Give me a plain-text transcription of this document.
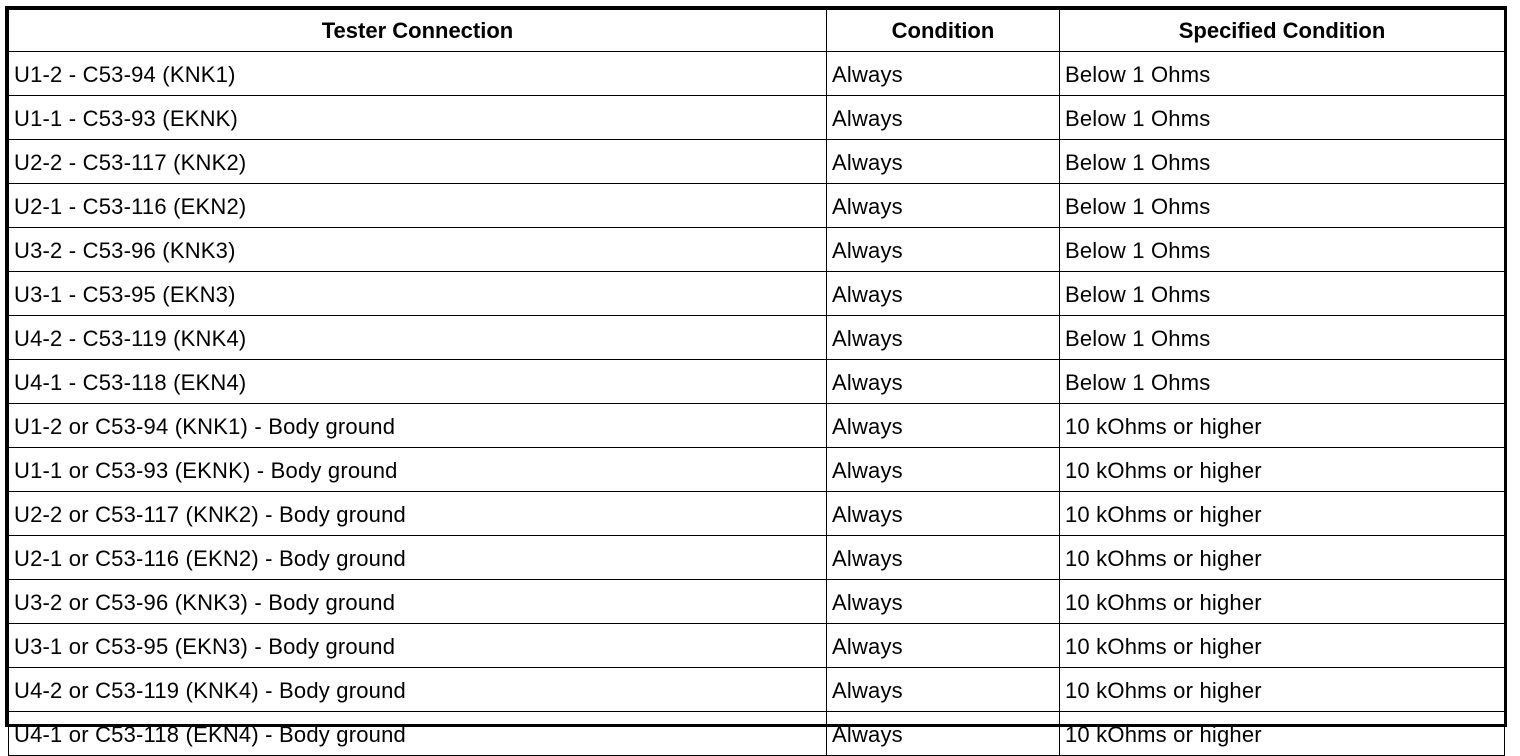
Tester Connection	Condition	Specified Condition
U1-2 - C53-94 (KNK1)	Always	Below 1 Ohms
U1-1 - C53-93 (EKNK)	Always	Below 1 Ohms
U2-2 - C53-117 (KNK2)	Always	Below 1 Ohms
U2-1 - C53-116 (EKN2)	Always	Below 1 Ohms
U3-2 - C53-96 (KNK3)	Always	Below 1 Ohms
U3-1 - C53-95 (EKN3)	Always	Below 1 Ohms
U4-2 - C53-119 (KNK4)	Always	Below 1 Ohms
U4-1 - C53-118 (EKN4)	Always	Below 1 Ohms
U1-2 or C53-94 (KNK1) - Body ground	Always	10 kOhms or higher
U1-1 or C53-93 (EKNK) - Body ground	Always	10 kOhms or higher
U2-2 or C53-117 (KNK2) - Body ground	Always	10 kOhms or higher
U2-1 or C53-116 (EKN2) - Body ground	Always	10 kOhms or higher
U3-2 or C53-96 (KNK3) - Body ground	Always	10 kOhms or higher
U3-1 or C53-95 (EKN3) - Body ground	Always	10 kOhms or higher
U4-2 or C53-119 (KNK4) - Body ground	Always	10 kOhms or higher
U4-1 or C53-118 (EKN4) - Body ground	Always	10 kOhms or higher
